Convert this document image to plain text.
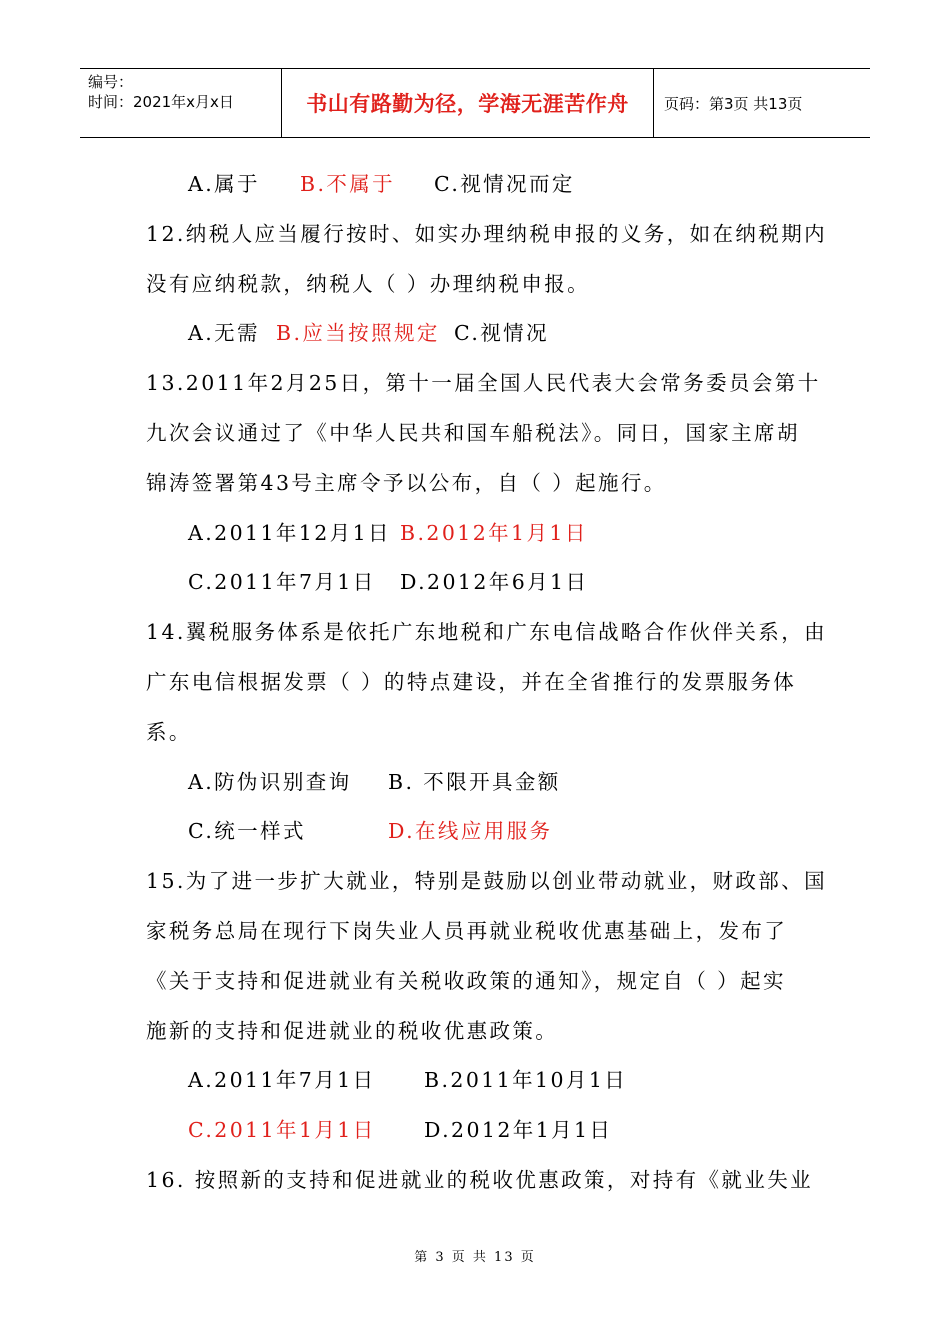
编号：
时间：2021年x月x日	书山有路勤为径，学海无涯苦作舟	页码：第3页 共13页
A.属于 B.不属于 C.视情况而定
12.纳税人应当履行按时、如实办理纳税申报的义务，如在纳税期内
没有应纳税款，纳税人（ ）办理纳税申报。
A.无需 B.应当按照规定 C.视情况
13.2011年2月25日，第十一届全国人民代表大会常务委员会第十
九次会议通过了《中华人民共和国车船税法》。同日，国家主席胡
锦涛签署第43号主席令予以公布，自（ ）起施行。
A.2011年12月1日 B.2012年1月1日
C.2011年7月1日 D.2012年6月1日
14.翼税服务体系是依托广东地税和广东电信战略合作伙伴关系，由
广东电信根据发票（ ）的特点建设，并在全省推行的发票服务体
系。
A.防伪识别查询 B. 不限开具金额
C.统一样式	D.在线应用服务
15.为了进一步扩大就业，特别是鼓励以创业带动就业，财政部、国
家税务总局在现行下岗失业人员再就业税收优惠基础上，发布了
《关于支持和促进就业有关税收政策的通知》，规定自（ ）起实
施新的支持和促进就业的税收优惠政策。
A.2011年7月1日 B.2011年10月1日
C.2011年1月1日 D.2012年1月1日
16. 按照新的支持和促进就业的税收优惠政策，对持有《就业失业
第 3 页 共 13 页
